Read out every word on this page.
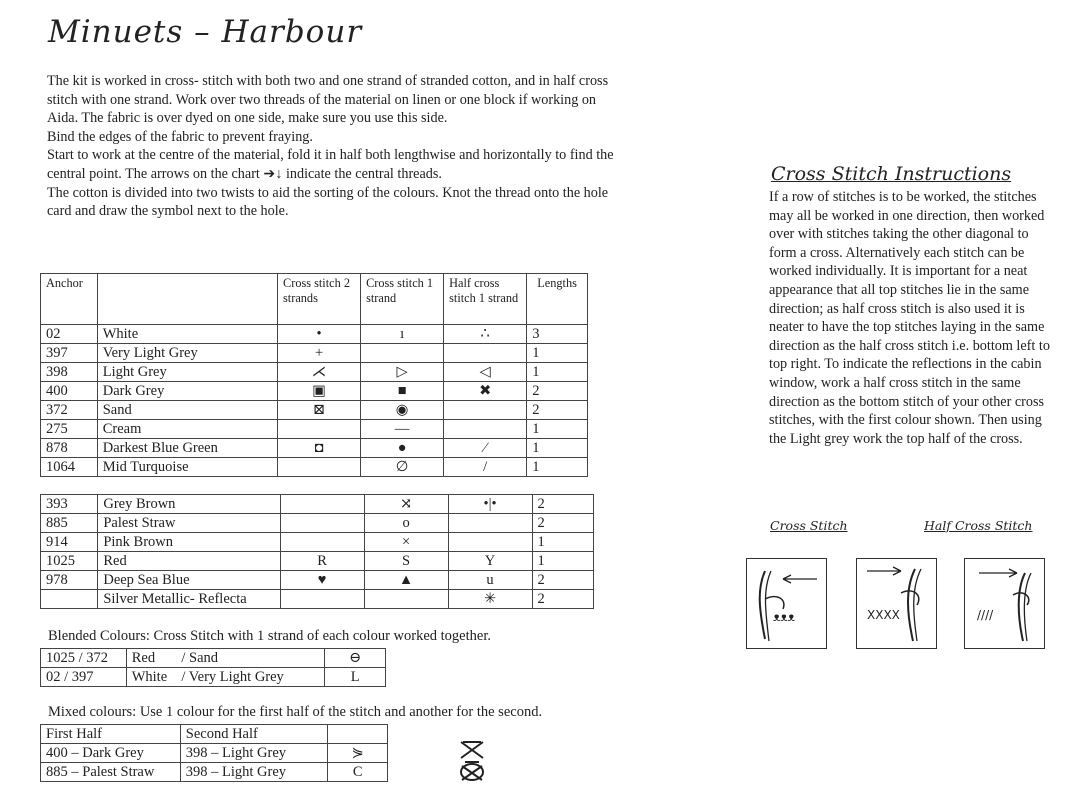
Minuets – Harbour

The kit is worked in cross- stitch with both two and one strand of stranded cotton, and in half cross stitch with one strand. Work over two threads of the material on linen or one block if working on Aida. The fabric is over dyed on one side, make sure you use this side.

Bind the edges of the fabric to prevent fraying.

Start to work at the centre of the material, fold it in half both lengthwise and horizontally to find the central point. The arrows on the chart ➔↓ indicate the central threads.

The cotton is divided into two twists to aid the sorting of the colours. Knot the thread onto the hole card and draw the symbol next to the hole.

Anchor		Cross stitch 2 strands	Cross stitch 1 strand	Half cross stitch 1 strand	Lengths
02	White	•	ı	∴	3
397	Very Light Grey	+			1
398	Light Grey	⋌	▷	◁	1
400	Dark Grey	▣	■	✖	2
372	Sand	⊠	◉		2
275	Cream		—		1
878	Darkest Blue Green	◘	●	⁄	1
1064	Mid Turquoise		∅	/	1
393	Grey Brown		⤨	•|•	2
885	Palest Straw		o		2
914	Pink Brown		×		1
1025	Red	R	S	Y	1
978	Deep Sea Blue	♥	▲	u	2
	Silver Metallic- Reflecta			✳	2
Blended Colours: Cross Stitch with 1 strand of each colour worked together.
1025 / 372	Red	/ Sand	⊖
02 / 397	White	/ Very Light Grey	L
Mixed colours: Use 1 colour for the first half of the stitch and another for the second.
First Half	Second Half	
400 – Dark Grey	398 – Light Grey	⋟
885 – Palest Straw	398 – Light Grey	C
Cross Stitch Instructions
If a row of stitches is to be worked, the stitches may all be worked in one direction, then worked over with stitches taking the other diagonal to form a cross. Alternatively each stitch can be worked individually. It is important for a neat appearance that all top stitches lie in the same direction; as half cross stitch is also used it is neater to have the top stitches laying in the same direction as the half cross stitch i.e. bottom left to top right. To indicate the reflections in the cabin window, work a half cross stitch in the same direction as the bottom stitch of your other cross stitches, with the first colour shown. Then using the Light grey work the top half of the cross.
Cross Stitch	Half Cross Stitch
ᴥᴥᴥ	XXXX	////
